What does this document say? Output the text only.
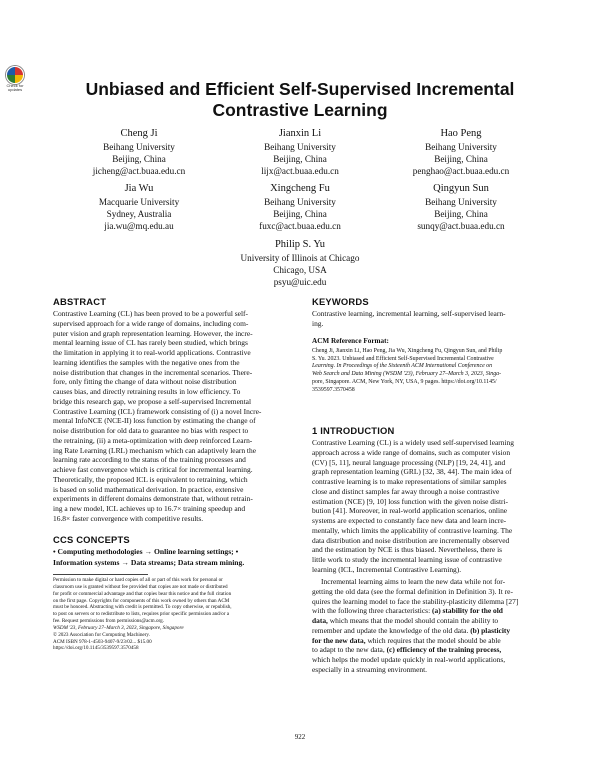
Check for
updates	Unbiased and Efficient Self-Supervised Incremental Contrastive Learning
Cheng Ji
Beihang University
Beijing, China
jicheng@act.buaa.edu.cn
Jianxin Li
Beihang University
Beijing, China
lijx@act.buaa.edu.cn
Hao Peng
Beihang University
Beijing, China
penghao@act.buaa.edu.cn
Jia Wu
Macquarie University
Sydney, Australia
jia.wu@mq.edu.au
Xingcheng Fu
Beihang University
Beijing, China
fuxc@act.buaa.edu.cn
Qingyun Sun
Beihang University
Beijing, China
sunqy@act.buaa.edu.cn
Philip S. Yu
University of Illinois at Chicago
Chicago, USA
psyu@uic.edu
ABSTRACT
Contrastive Learning (CL) has been proved to be a powerful self-
supervised approach for a wide range of domains, including com-
puter vision and graph representation learning. However, the incre-
mental learning issue of CL has rarely been studied, which brings
the limitation in applying it to real-world applications. Contrastive
learning identifies the samples with the negative ones from the
noise distribution that changes in the incremental scenarios. There-
fore, only fitting the change of data without noise distribution
causes bias, and directly retraining results in low efficiency. To
bridge this research gap, we propose a self-supervised Incremental
Contrastive Learning (ICL) framework consisting of (i) a novel Incre-
mental InfoNCE (NCE-II) loss function by estimating the change of
noise distribution for old data to guarantee no bias with respect to
the retraining, (ii) a meta-optimization with deep reinforced Learn-
ing Rate Learning (LRL) mechanism which can adaptively learn the
learning rate according to the status of the training processes and
achieve fast convergence which is critical for incremental learning.
Theoretically, the proposed ICL is equivalent to retraining, which
is based on solid mathematical derivation. In practice, extensive
experiments in different domains demonstrate that, without retrain-
ing a new model, ICL achieves up to 16.7× training speedup and
16.8× faster convergence with competitive results.
CCS CONCEPTS
• Computing methodologies → Online learning settings; •
Information systems → Data streams; Data stream mining.
Permission to make digital or hard copies of all or part of this work for personal or
classroom use is granted without fee provided that copies are not made or distributed
for profit or commercial advantage and that copies bear this notice and the full citation
on the first page. Copyrights for components of this work owned by others than ACM
must be honored. Abstracting with credit is permitted. To copy otherwise, or republish,
to post on servers or to redistribute to lists, requires prior specific permission and/or a
fee. Request permissions from permissions@acm.org.
WSDM '23, February 27–March 3, 2023, Singapore, Singapore
© 2023 Association for Computing Machinery.
ACM ISBN 978-1-4503-9407-9/23/02... $15.00
https://doi.org/10.1145/3539597.3570458
KEYWORDS
Contrastive learning, incremental learning, self-supervised learn-
ing.
ACM Reference Format:
Cheng Ji, Jianxin Li, Hao Peng, Jia Wu, Xingcheng Fu, Qingyun Sun, and Philip
S. Yu. 2023. Unbiased and Efficient Self-Supervised Incremental Contrastive
Learning. In Proceedings of the Sixteenth ACM International Conference on
Web Search and Data Mining (WSDM '23), February 27–March 3, 2023, Singa-
pore, Singapore. ACM, New York, NY, USA, 9 pages. https://doi.org/10.1145/
3539597.3570458
1 INTRODUCTION
Contrastive Learning (CL) is a widely used self-supervised learning
approach across a wide range of domains, such as computer vision
(CV) [5, 11], neural language processing (NLP) [19, 24, 41], and
graph representation learning (GRL) [32, 38, 44]. The main idea of
contrastive learning is to make representations of similar samples
close and distinct samples far away through a noise contrastive
estimation (NCE) [9, 10] loss function with the given noise distri-
bution [41]. Moreover, in real-world application scenarios, online
systems are expected to constantly face new data and learn incre-
mentally, which limits the applicability of contrastive learning. The
data distribution and noise distribution are incrementally observed
and the estimation by NCE is thus biased. Nevertheless, there is
little work to study the incremental learning issue of contrastive
learning (ICL, Incremental Contrastive Learning).
Incremental learning aims to learn the new data while not for-
getting the old data (see the formal definition in Definition 3). It re-
quires the learning model to face the stability-plasticity dilemma [27]
with the following three characteristics: (a) stability for the old
data, which means that the model should contain the ability to
remember and update the knowledge of the old data. (b) plasticity
for the new data, which requires that the model should be able
to adapt to the new data, (c) efficiency of the training process,
which helps the model update quickly in real-world applications,
especially in a streaming environment.
922
